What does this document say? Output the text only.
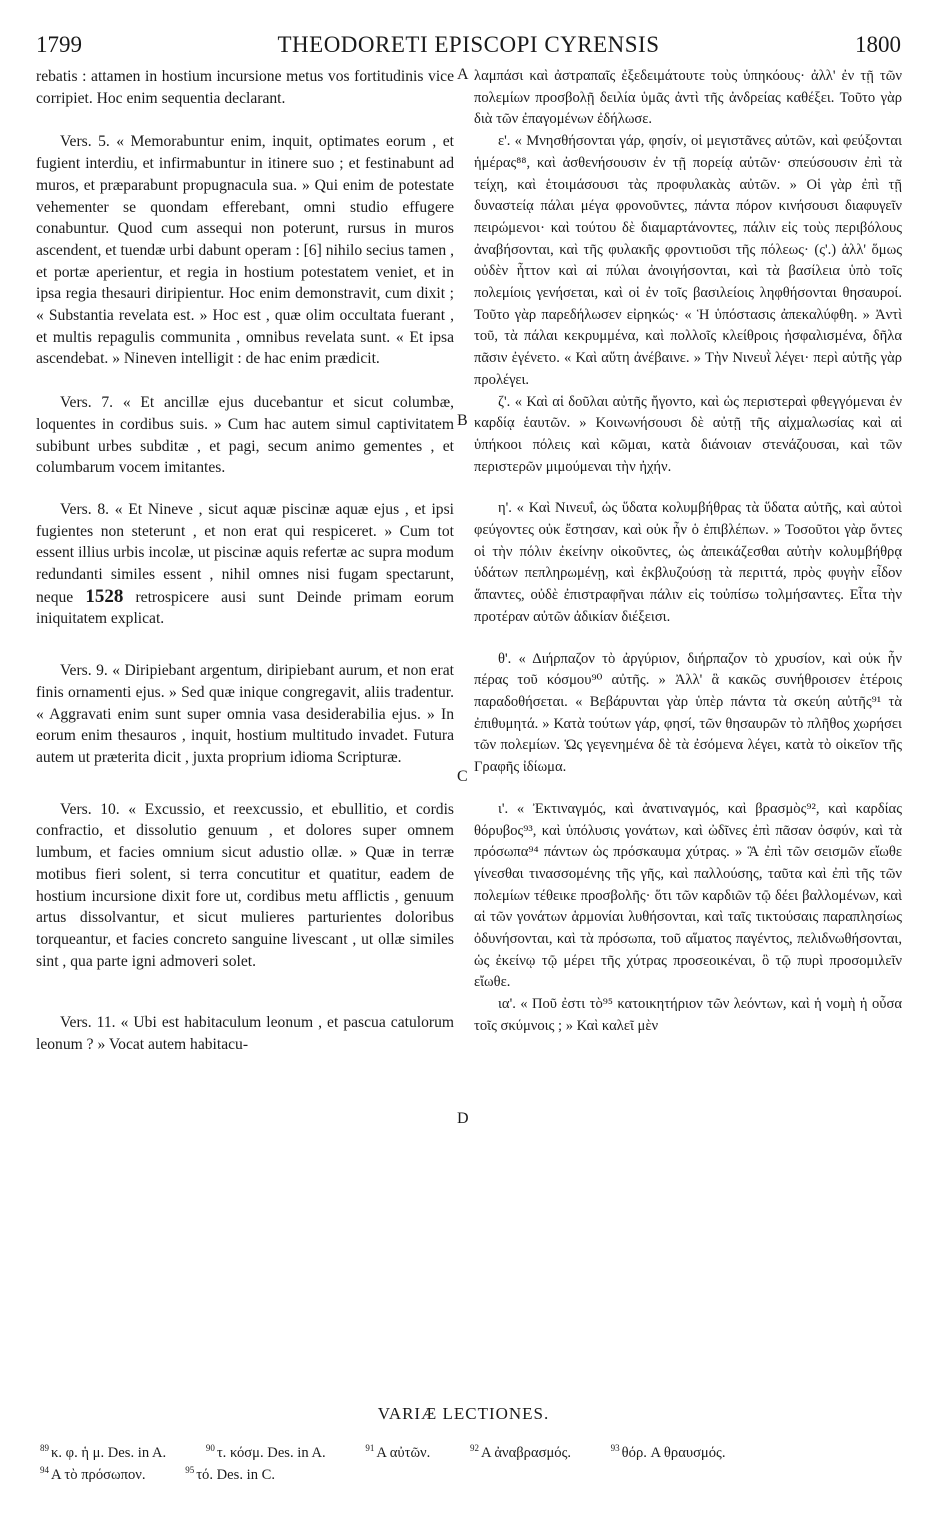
1799	THEODORETI EPISCOPI CYRENSIS	1800

rebatis : attamen in hostium incursione metus vos fortitudinis vice corripiet. Hoc enim sequentia declarant.

Vers. 5. « Memorabuntur enim, inquit, optimates eorum , et fugient interdiu, et infirmabuntur in itinere suo ; et festinabunt ad muros, et præparabunt propugnacula sua. » Qui enim de potestate vehementer se quondam efferebant, omni studio effugere conabuntur. Quod cum assequi non poterunt, rursus in muros ascendent, et tuendæ urbi dabunt operam : [6] nihilo secius tamen , et portæ aperientur, et regia in hostium potestatem veniet, et in ipsa regia thesauri diripientur. Hoc enim demonstravit, cum dixit ; « Substantia revelata est. » Hoc est , quæ olim occultata fuerant , et multis repagulis communita , omnibus revelata sunt. « Et ipsa ascendebat. » Nineven intelligit : de hac enim prædicit.

Vers. 7. « Et ancillæ ejus ducebantur et sicut columbæ, loquentes in cordibus suis. » Cum hac autem simul captivitatem subibunt urbes subditæ , et pagi, secum animo gementes , et columbarum vocem imitantes.

Vers. 8. « Et Nineve , sicut aquæ piscinæ aquæ ejus , et ipsi fugientes non steterunt , et non erat qui respiceret. » Cum tot essent illius urbis incolæ, ut piscinæ aquis refertæ ac supra modum redundanti similes essent , nihil omnes nisi fugam spectarunt, neque 1528 retrospicere ausi sunt Deinde primam eorum iniquitatem explicat.

Vers. 9. « Diripiebant argentum, diripiebant aurum, et non erat finis ornamenti ejus. » Sed quæ inique congregavit, aliis tradentur. « Aggravati enim sunt super omnia vasa desiderabilia ejus. » In eorum enim thesauros , inquit, hostium multitudo invadet. Futura autem ut præterita dicit , juxta proprium idioma Scripturæ.

Vers. 10. « Excussio, et reexcussio, et ebullitio, et cordis confractio, et dissolutio genuum , et dolores super omnem lumbum, et facies omnium sicut adustio ollæ. » Quæ in terræ motibus fieri solent, si terra concutitur et quatitur, eadem de hostium incursione dixit fore ut, cordibus metu afflictis , genuum artus dissolvantur, et sicut mulieres parturientes doloribus torqueantur, et facies concreto sanguine livescant , ut ollæ similes sint , qua parte igni admoveri solet.

Vers. 11. « Ubi est habitaculum leonum , et pascua catulorum leonum ? » Vocat autem habitacu-

A
B
C
D

λαμπάσι καὶ ἀστραπαῖς ἐξεδειμάτουτε τοὺς ὑπηκόους· ἀλλ' ἐν τῇ τῶν πολεμίων προσβολῇ δειλία ὑμᾶς ἀντὶ τῆς ἀνδρείας καθέξει. Τοῦτο γὰρ διὰ τῶν ἐπαγομένων ἐδήλωσε.

ε'. « Μνησθήσονται γάρ, φησίν, οἱ μεγιστᾶνες αὐτῶν, καὶ φεύξονται ἡμέρας⁸⁸, καὶ ἀσθενήσουσιν ἐν τῇ πορείᾳ αὐτῶν· σπεύσουσιν ἐπὶ τὰ τείχη, καὶ ἑτοιμάσουσι τὰς προφυλακὰς αὐτῶν. » Οἱ γὰρ ἐπὶ τῇ δυναστείᾳ πάλαι μέγα φρονοῦντες, πάντα πόρον κινήσουσι διαφυγεῖν πειρώμενοι· καὶ τούτου δὲ διαμαρτάνοντες, πάλιν εἰς τοὺς περιβόλους ἀναβήσονται, καὶ τῆς φυλακῆς φροντιοῦσι τῆς πόλεως· (ς'.) ἀλλ' ὅμως οὐδὲν ἧττον καὶ αἱ πύλαι ἀνοιγήσονται, καὶ τὰ βασίλεια ὑπὸ τοῖς πολεμίοις γενήσεται, καὶ οἱ ἐν τοῖς βασιλείοις ληφθήσονται θησαυροί. Τοῦτο γὰρ παρεδήλωσεν εἰρηκώς· « Ἡ ὑπόστασις ἀπεκαλύφθη. » Ἀντὶ τοῦ, τὰ πάλαι κεκρυμμένα, καὶ πολλοῖς κλείθροις ἠσφαλισμένα, δῆλα πᾶσιν ἐγένετο. « Καὶ αὕτη ἀνέβαινε. » Τὴν Νινευῒ λέγει· περὶ αὐτῆς γὰρ προλέγει.

ζ'. « Καὶ αἱ δοῦλαι αὐτῆς ἤγοντο, καὶ ὡς περιστεραὶ φθεγγόμεναι ἐν καρδίᾳ ἑαυτῶν. » Κοινωνήσουσι δὲ αὐτῇ τῆς αἰχμαλωσίας καὶ αἱ ὑπήκοοι πόλεις καὶ κῶμαι, κατὰ διάνοιαν στενάζουσαι, καὶ τῶν περιστερῶν μιμούμεναι τὴν ἠχήν.

η'. « Καὶ Νινευΐ, ὡς ὕδατα κολυμβήθρας τὰ ὕδατα αὐτῆς, καὶ αὐτοὶ φεύγοντες οὐκ ἔστησαν, καὶ οὐκ ἦν ὁ ἐπιβλέπων. » Τοσοῦτοι γὰρ ὄντες οἱ τὴν πόλιν ἐκείνην οἰκοῦντες, ὡς ἀπεικάζεσθαι αὐτὴν κολυμβήθρᾳ ὑδάτων πεπληρωμένῃ, καὶ ἐκβλυζούσῃ τὰ περιττά, πρὸς φυγὴν εἶδον ἅπαντες, οὐδὲ ἐπιστραφῆναι πάλιν εἰς τοὐπίσω τολμήσαντες. Εἶτα τὴν προτέραν αὐτῶν ἀδικίαν διέξεισι.

θ'. « Διήρπαζον τὸ ἀργύριον, διήρπαζον τὸ χρυσίον, καὶ οὐκ ἦν πέρας τοῦ κόσμου⁹⁰ αὐτῆς. » Ἀλλ' ἃ κακῶς συνήθροισεν ἑτέροις παραδοθήσεται. « Βεβάρυνται γὰρ ὑπὲρ πάντα τὰ σκεύη αὐτῆς⁹¹ τὰ ἐπιθυμητά. » Κατὰ τούτων γάρ, φησί, τῶν θησαυρῶν τὸ πλῆθος χωρήσει τῶν πολεμίων. Ὡς γεγενημένα δὲ τὰ ἐσόμενα λέγει, κατὰ τὸ οἰκεῖον τῆς Γραφῆς ἰδίωμα.

ι'. « Ἐκτιναγμός, καὶ ἀνατιναγμός, καὶ βρασμὸς⁹², καὶ καρδίας θόρυβος⁹³, καὶ ὑπόλυσις γονάτων, καὶ ὠδῖνες ἐπὶ πᾶσαν ὀσφύν, καὶ τὰ πρόσωπα⁹⁴ πάντων ὡς πρόσκαυμα χύτρας. » Ἃ ἐπὶ τῶν σεισμῶν εἴωθε γίνεσθαι τινασσομένης τῆς γῆς, καὶ παλλούσης, ταῦτα καὶ ἐπὶ τῆς τῶν πολεμίων τέθεικε προσβολῆς· ὅτι τῶν καρδιῶν τῷ δέει βαλλομένων, καὶ αἱ τῶν γονάτων ἁρμονίαι λυθήσονται, καὶ ταῖς τικτούσαις παραπλησίως ὀδυνήσονται, καὶ τὰ πρόσωπα, τοῦ αἵματος παγέντος, πελιδνωθήσονται, ὡς ἐκείνῳ τῷ μέρει τῆς χύτρας προσεοικέναι, ὃ τῷ πυρὶ προσομιλεῖν εἴωθε.

ια'. « Ποῦ ἐστι τὸ⁹⁵ κατοικητήριον τῶν λεόντων, καὶ ἡ νομὴ ἡ οὖσα τοῖς σκύμνοις ; » Καὶ καλεῖ μὲν

VARIÆ LECTIONES.
$^{89}$ κ. φ. ἡ μ. Des. in A.	$^{90}$ τ. κόσμ. Des. in A.	$^{91}$ A αὐτῶν.	$^{92}$ A ἀναβρασμός.	$^{93}$ θόρ. A θραυσμός.
$^{94}$ A τὸ πρόσωπον.	$^{95}$ τό. Des. in C.
